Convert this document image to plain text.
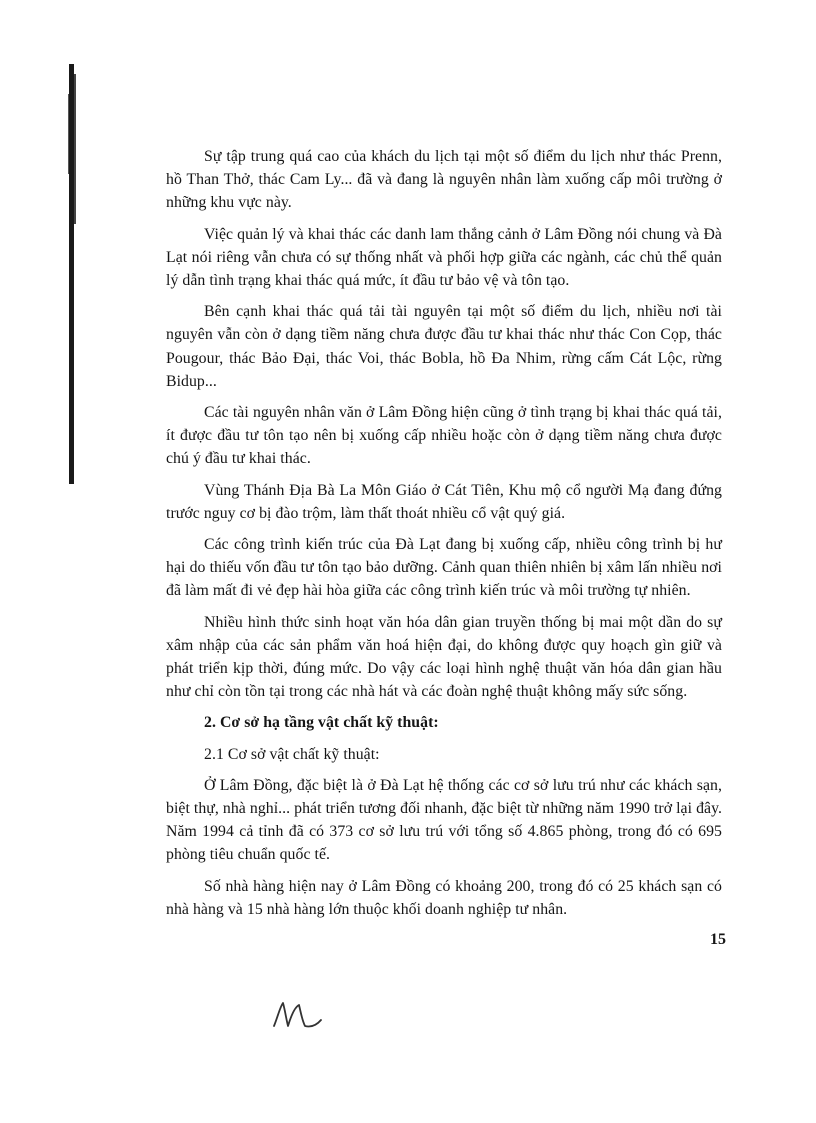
Sự tập trung quá cao của khách du lịch tại một số điểm du lịch như thác Prenn, hồ Than Thở, thác Cam Ly... đã và đang là nguyên nhân làm xuống cấp môi trường ở những khu vực này.

Việc quản lý và khai thác các danh lam thắng cảnh ở Lâm Đồng nói chung và Đà Lạt nói riêng vẫn chưa có sự thống nhất và phối hợp giữa các ngành, các chủ thể quản lý dẫn tình trạng khai thác quá mức, ít đầu tư bảo vệ và tôn tạo.

Bên cạnh khai thác quá tải tài nguyên tại một số điểm du lịch, nhiều nơi tài nguyên vẫn còn ở dạng tiềm năng chưa được đầu tư khai thác như thác Con Cọp, thác Pougour, thác Bảo Đại, thác Voi, thác Bobla, hồ Đa Nhim, rừng cấm Cát Lộc, rừng Bidup...

Các tài nguyên nhân văn ở Lâm Đồng hiện cũng ở tình trạng bị khai thác quá tải, ít được đầu tư tôn tạo nên bị xuống cấp nhiều hoặc còn ở dạng tiềm năng chưa được chú ý đầu tư khai thác.

Vùng Thánh Địa Bà La Môn Giáo ở Cát Tiên, Khu mộ cổ người Mạ đang đứng trước nguy cơ bị đào trộm, làm thất thoát nhiều cổ vật quý giá.

Các công trình kiến trúc của Đà Lạt đang bị xuống cấp, nhiều công trình bị hư hại do thiếu vốn đầu tư tôn tạo bảo dưỡng. Cảnh quan thiên nhiên bị xâm lấn nhiều nơi đã làm mất đi vẻ đẹp hài hòa giữa các công trình kiến trúc và môi trường tự nhiên.

Nhiều hình thức sinh hoạt văn hóa dân gian truyền thống bị mai một dần do sự xâm nhập của các sản phẩm văn hoá hiện đại, do không được quy hoạch gìn giữ và phát triển kịp thời, đúng mức. Do vậy các loại hình nghệ thuật văn hóa dân gian hầu như chỉ còn tồn tại trong các nhà hát và các đoàn nghệ thuật không mấy sức sống.

2. Cơ sở hạ tầng vật chất kỹ thuật:

2.1 Cơ sở vật chất kỹ thuật:

Ở Lâm Đồng, đặc biệt là ở Đà Lạt hệ thống các cơ sở lưu trú như các khách sạn, biệt thự, nhà nghỉ... phát triển tương đối nhanh, đặc biệt từ những năm 1990 trở lại đây. Năm 1994 cả tỉnh đã có 373 cơ sở lưu trú với tổng số 4.865 phòng, trong đó có 695 phòng tiêu chuẩn quốc tế.

Số nhà hàng hiện nay ở Lâm Đồng có khoảng 200, trong đó có 25 khách sạn có nhà hàng và 15 nhà hàng lớn thuộc khối doanh nghiệp tư nhân.

15
